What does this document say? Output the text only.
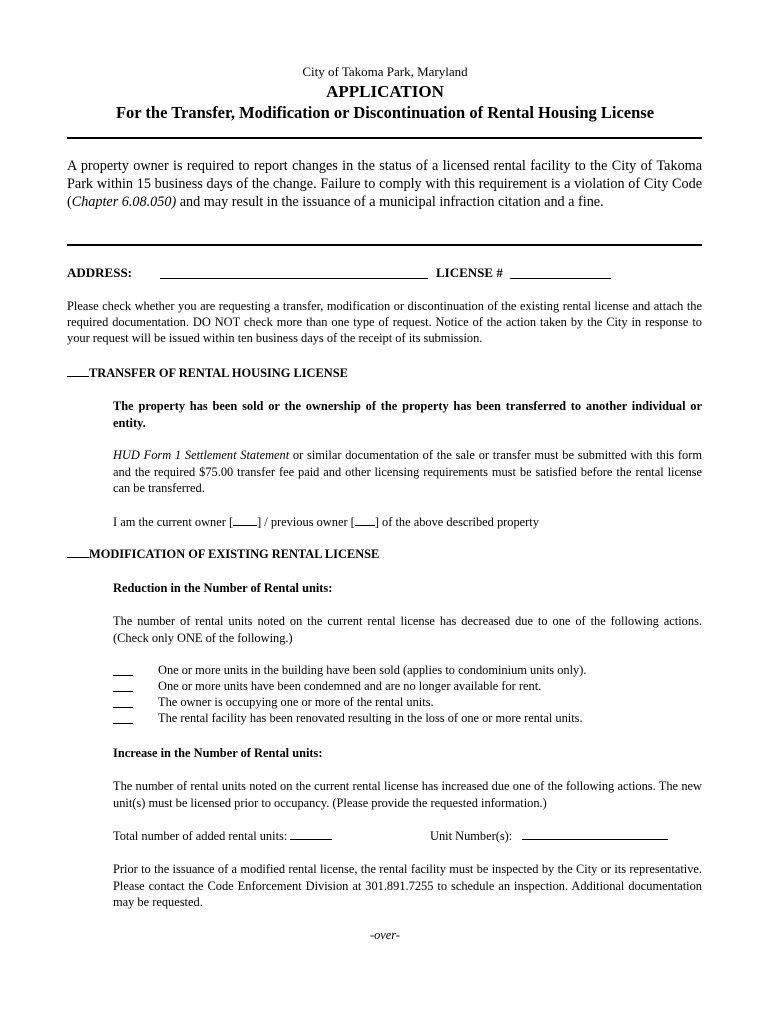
City of Takoma Park, Maryland
APPLICATION
For the Transfer, Modification or Discontinuation of Rental Housing License
A property owner is required to report changes in the status of a licensed rental facility to the City of Takoma Park within 15 business days of the change. Failure to comply with this requirement is a violation of City Code (Chapter 6.08.050) and may result in the issuance of a municipal infraction citation and a fine.
ADDRESS:	LICENSE #
Please check whether you are requesting a transfer, modification or discontinuation of the existing rental license and attach the required documentation. DO NOT check more than one type of request. Notice of the action taken by the City in response to your request will be issued within ten business days of the receipt of its submission.
TRANSFER OF RENTAL HOUSING LICENSE
The property has been sold or the ownership of the property has been transferred to another individual or entity.
HUD Form 1 Settlement Statement or similar documentation of the sale or transfer must be submitted with this form and the required $75.00 transfer fee paid and other licensing requirements must be satisfied before the rental license can be transferred.
I am the current owner [ ] / previous owner [ ] of the above described property
MODIFICATION OF EXISTING RENTAL LICENSE
Reduction in the Number of Rental units:
The number of rental units noted on the current rental license has decreased due to one of the following actions. (Check only ONE of the following.)
One or more units in the building have been sold (applies to condominium units only).
One or more units have been condemned and are no longer available for rent.
The owner is occupying one or more of the rental units.
The rental facility has been renovated resulting in the loss of one or more rental units.
Increase in the Number of Rental units:
The number of rental units noted on the current rental license has increased due one of the following actions. The new unit(s) must be licensed prior to occupancy. (Please provide the requested information.)
Total number of added rental units:	Unit Number(s):
Prior to the issuance of a modified rental license, the rental facility must be inspected by the City or its representative. Please contact the Code Enforcement Division at 301.891.7255 to schedule an inspection. Additional documentation may be requested.
-over-
